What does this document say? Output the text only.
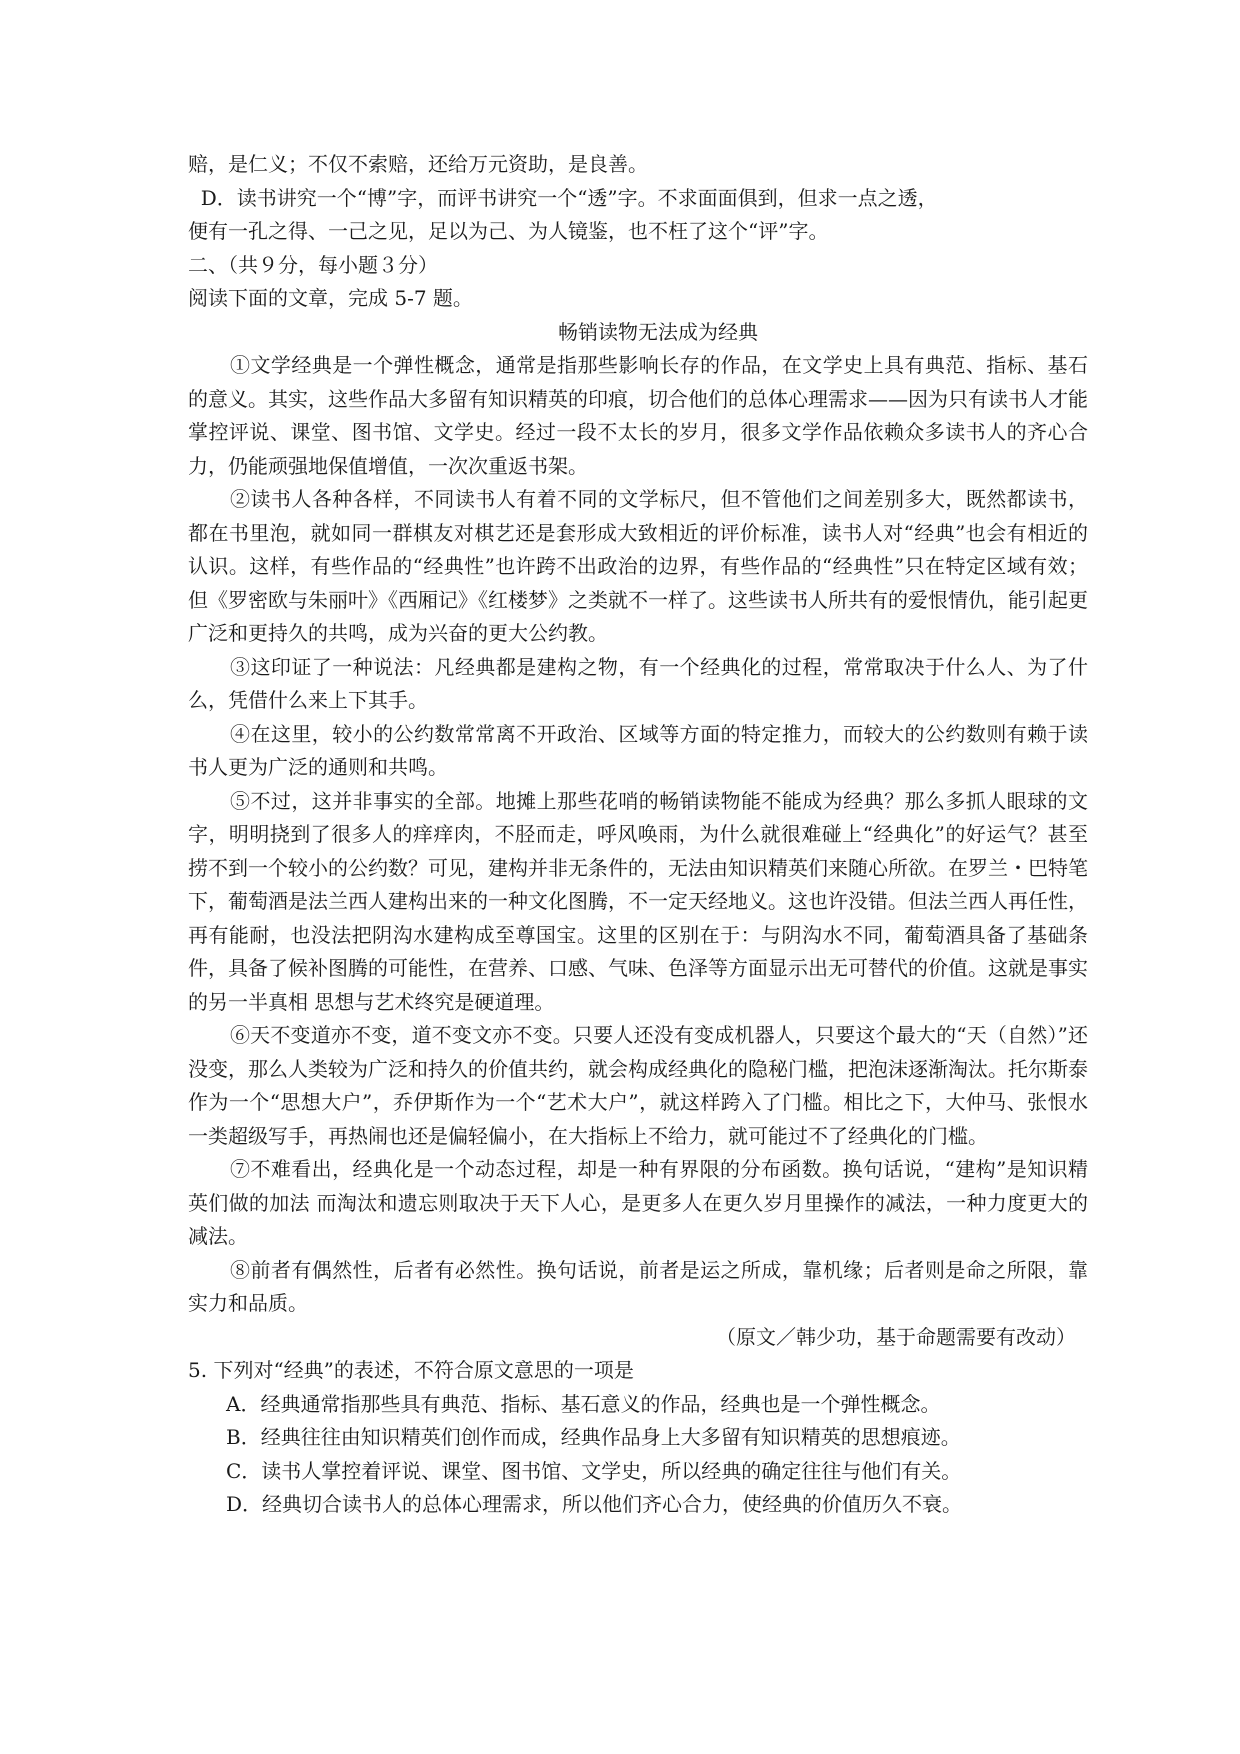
赔，是仁义；不仅不索赔，还给万元资助，是良善。
D．读书讲究一个“博”字，而评书讲究一个“透”字。不求面面俱到，但求一点之透，
便有一孔之得、一己之见，足以为己、为人镜鉴，也不枉了这个“评”字。
二、（共９分，每小题３分）
阅读下面的文章，完成 5-7 题。
畅销读物无法成为经典
①文学经典是一个弹性概念，通常是指那些影响长存的作品，在文学史上具有典范、指标、基石的意义。其实，这些作品大多留有知识精英的印痕，切合他们的总体心理需求——因为只有读书人才能掌控评说、课堂、图书馆、文学史。经过一段不太长的岁月，很多文学作品依赖众多读书人的齐心合力，仍能顽强地保值增值，一次次重返书架。
②读书人各种各样，不同读书人有着不同的文学标尺，但不管他们之间差别多大，既然都读书，都在书里泡，就如同一群棋友对棋艺还是套形成大致相近的评价标准，读书人对“经典”也会有相近的认识。这样，有些作品的“经典性”也许跨不出政治的边界，有些作品的“经典性”只在特定区域有效；但《罗密欧与朱丽叶》《西厢记》《红楼梦》之类就不一样了。这些读书人所共有的爱恨情仇，能引起更广泛和更持久的共鸣，成为兴奋的更大公约教。
③这印证了一种说法：凡经典都是建构之物，有一个经典化的过程，常常取决于什么人、为了什么，凭借什么来上下其手。
④在这里，较小的公约数常常离不开政治、区域等方面的特定推力，而较大的公约数则有赖于读书人更为广泛的通则和共鸣。
⑤不过，这并非事实的全部。地摊上那些花哨的畅销读物能不能成为经典？那么多抓人眼球的文字，明明挠到了很多人的痒痒肉，不胫而走，呼风唤雨，为什么就很难碰上“经典化”的好运气？甚至捞不到一个较小的公约数？可见，建构并非无条件的，无法由知识精英们来随心所欲。在罗兰・巴特笔下，葡萄酒是法兰西人建构出来的一种文化图腾，不一定天经地义。这也许没错。但法兰西人再任性，再有能耐，也没法把阴沟水建构成至尊国宝。这里的区别在于：与阴沟水不同，葡萄酒具备了基础条件，具备了候补图腾的可能性，在营养、口感、气味、色泽等方面显示出无可替代的价值。这就是事实的另一半真相 思想与艺术终究是硬道理。
⑥天不变道亦不变，道不变文亦不变。只要人还没有变成机器人，只要这个最大的“天（自然）”还没变，那么人类较为广泛和持久的价值共约，就会构成经典化的隐秘门槛，把泡沫逐渐淘汰。托尔斯泰作为一个“思想大户”，乔伊斯作为一个“艺术大户”，就这样跨入了门槛。相比之下，大仲马、张恨水一类超级写手，再热闹也还是偏轻偏小，在大指标上不给力，就可能过不了经典化的门槛。
⑦不难看出，经典化是一个动态过程，却是一种有界限的分布函数。换句话说，“建构”是知识精英们做的加法 而淘汰和遗忘则取决于天下人心，是更多人在更久岁月里操作的减法，一种力度更大的减法。
⑧前者有偶然性，后者有必然性。换句话说，前者是运之所成，靠机缘；后者则是命之所限，靠实力和品质。
（原文／韩少功，基于命题需要有改动）
5. 下列对“经典”的表述，不符合原文意思的一项是
A．经典通常指那些具有典范、指标、基石意义的作品，经典也是一个弹性概念。
B．经典往往由知识精英们创作而成，经典作品身上大多留有知识精英的思想痕迹。
C．读书人掌控着评说、课堂、图书馆、文学史，所以经典的确定往往与他们有关。
D．经典切合读书人的总体心理需求，所以他们齐心合力，使经典的价值历久不衰。
